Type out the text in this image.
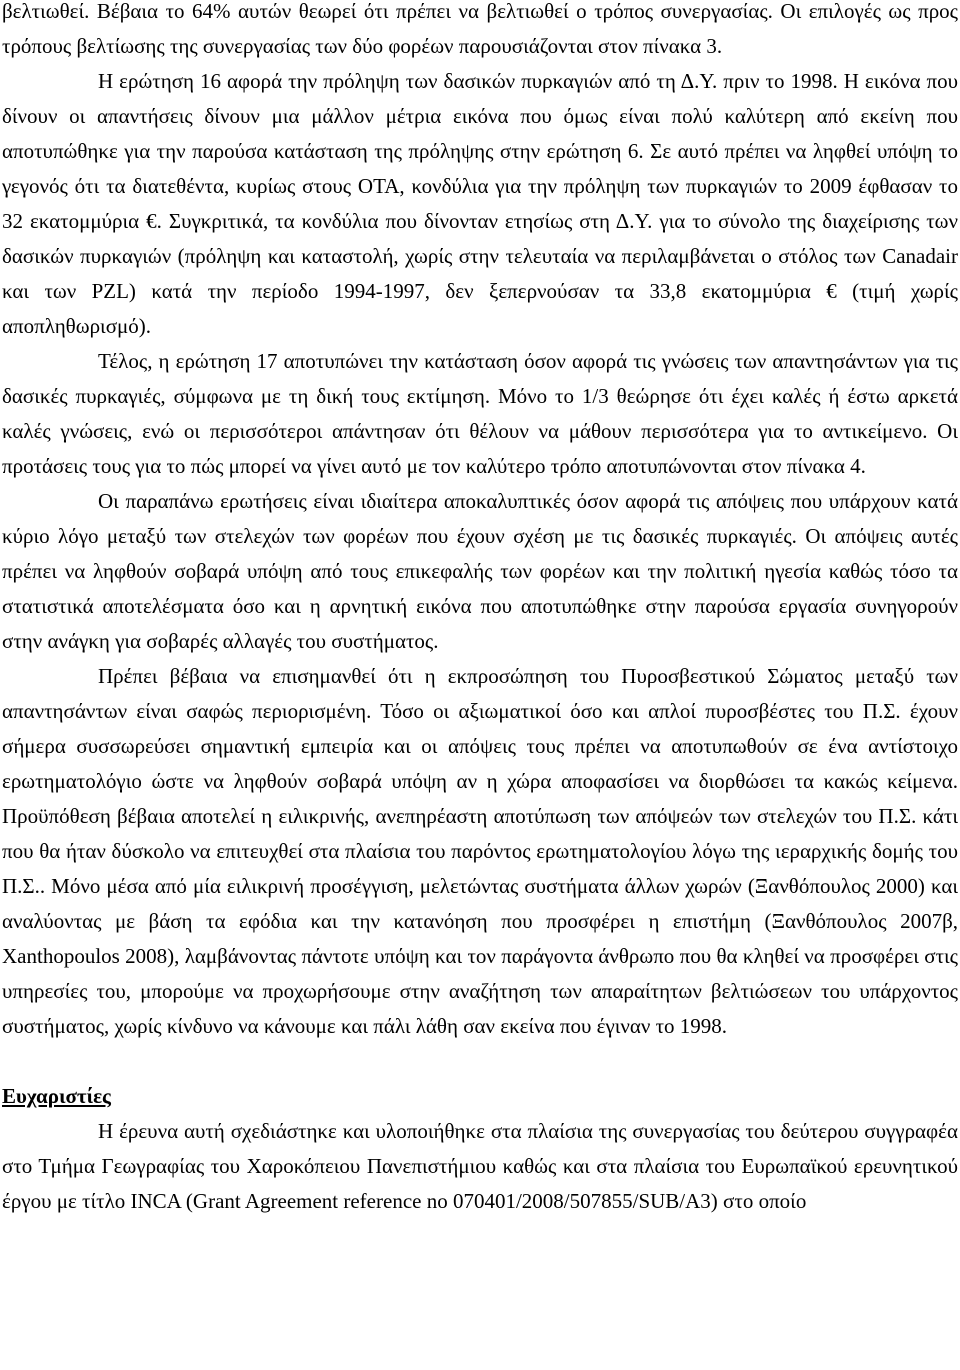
βελτιωθεί. Βέβαια το 64% αυτών θεωρεί ότι πρέπει να βελτιωθεί ο τρόπος συνεργασίας. Οι επιλογές ως προς τρόπους βελτίωσης της συνεργασίας των δύο φορέων παρουσιάζονται στον πίνακα 3.

Η ερώτηση 16 αφορά την πρόληψη των δασικών πυρκαγιών από τη Δ.Υ. πριν το 1998. Η εικόνα που δίνουν οι απαντήσεις δίνουν μια μάλλον μέτρια εικόνα που όμως είναι πολύ καλύτερη από εκείνη που αποτυπώθηκε για την παρούσα κατάσταση της πρόληψης στην ερώτηση 6. Σε αυτό πρέπει να ληφθεί υπόψη το γεγονός ότι τα διατεθέντα, κυρίως στους ΟΤΑ, κονδύλια για την πρόληψη των πυρκαγιών το 2009 έφθασαν το 32 εκατομμύρια €. Συγκριτικά, τα κονδύλια που δίνονταν ετησίως στη Δ.Υ. για το σύνολο της διαχείρισης των δασικών πυρκαγιών (πρόληψη και καταστολή, χωρίς στην τελευταία να περιλαμβάνεται ο στόλος των Canadair και των PZL) κατά την περίοδο 1994-1997, δεν ξεπερνούσαν τα 33,8 εκατομμύρια € (τιμή χωρίς αποπληθωρισμό).

Τέλος, η ερώτηση 17 αποτυπώνει την κατάσταση όσον αφορά τις γνώσεις των απαντησάντων για τις δασικές πυρκαγιές, σύμφωνα με τη δική τους εκτίμηση. Μόνο το 1/3 θεώρησε ότι έχει καλές ή έστω αρκετά καλές γνώσεις, ενώ οι περισσότεροι απάντησαν ότι θέλουν να μάθουν περισσότερα για το αντικείμενο. Οι προτάσεις τους για το πώς μπορεί να γίνει αυτό με τον καλύτερο τρόπο αποτυπώνονται στον πίνακα 4.

Οι παραπάνω ερωτήσεις είναι ιδιαίτερα αποκαλυπτικές όσον αφορά τις απόψεις που υπάρχουν κατά κύριο λόγο μεταξύ των στελεχών των φορέων που έχουν σχέση με τις δασικές πυρκαγιές. Οι απόψεις αυτές πρέπει να ληφθούν σοβαρά υπόψη από τους επικεφαλής των φορέων και την πολιτική ηγεσία καθώς τόσο τα στατιστικά αποτελέσματα όσο και η αρνητική εικόνα που αποτυπώθηκε στην παρούσα εργασία συνηγορούν στην ανάγκη για σοβαρές αλλαγές του συστήματος.

Πρέπει βέβαια να επισημανθεί ότι η εκπροσώπηση του Πυροσβεστικού Σώματος μεταξύ των απαντησάντων είναι σαφώς περιορισμένη. Τόσο οι αξιωματικοί όσο και απλοί πυροσβέστες του Π.Σ. έχουν σήμερα συσσωρεύσει σημαντική εμπειρία και οι απόψεις τους πρέπει να αποτυπωθούν σε ένα αντίστοιχο ερωτηματολόγιο ώστε να ληφθούν σοβαρά υπόψη αν η χώρα αποφασίσει να διορθώσει τα κακώς κείμενα. Προϋπόθεση βέβαια αποτελεί η ειλικρινής, ανεπηρέαστη αποτύπωση των απόψεών των στελεχών του Π.Σ. κάτι που θα ήταν δύσκολο να επιτευχθεί στα πλαίσια του παρόντος ερωτηματολογίου λόγω της ιεραρχικής δομής του Π.Σ.. Μόνο μέσα από μία ειλικρινή προσέγγιση, μελετώντας συστήματα άλλων χωρών (Ξανθόπουλος 2000) και αναλύοντας με βάση τα εφόδια και την κατανόηση που προσφέρει η επιστήμη (Ξανθόπουλος 2007β, Xanthopoulos 2008), λαμβάνοντας πάντοτε υπόψη και τον παράγοντα άνθρωπο που θα κληθεί να προσφέρει στις υπηρεσίες του, μπορούμε να προχωρήσουμε στην αναζήτηση των απαραίτητων βελτιώσεων του υπάρχοντος συστήματος, χωρίς κίνδυνο να κάνουμε και πάλι λάθη σαν εκείνα που έγιναν το 1998.

Ευχαριστίες

Η έρευνα αυτή σχεδιάστηκε και υλοποιήθηκε στα πλαίσια της συνεργασίας του δεύτερου συγγραφέα στο Τμήμα Γεωγραφίας του Χαροκόπειου Πανεπιστήμιου καθώς και στα πλαίσια του Ευρωπαϊκού ερευνητικού έργου με τίτλο INCA (Grant Agreement reference no 070401/2008/507855/SUB/A3) στο οποίο
